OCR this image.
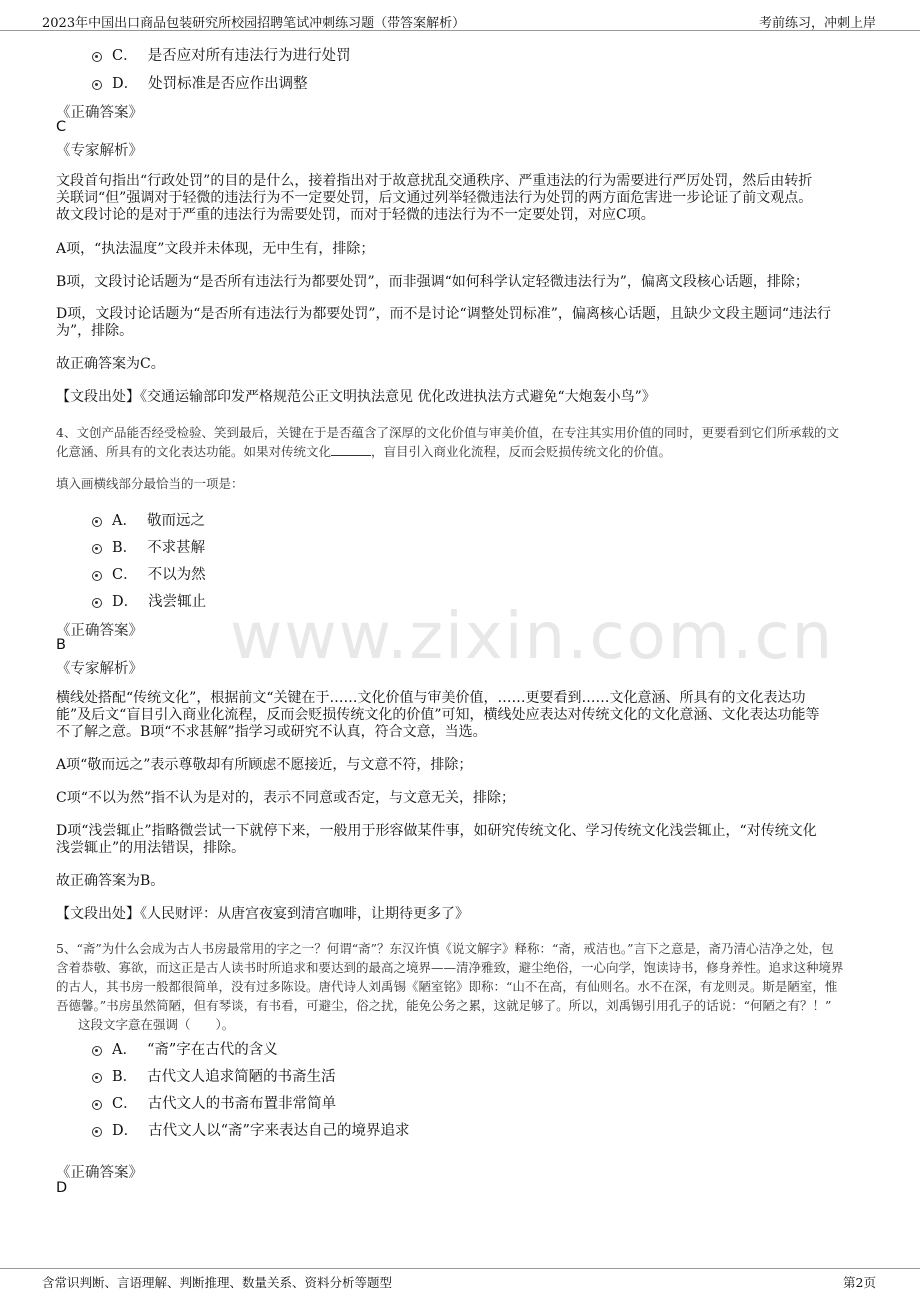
2023年中国出口商品包装研究所校园招聘笔试冲刺练习题（带答案解析）	考前练习，冲刺上岸
www.zixin.com.cn
C． 是否应对所有违法行为进行处罚
D． 处罚标准是否应作出调整
《正确答案》
C
《专家解析》
文段首句指出“行政处罚”的目的是什么，接着指出对于故意扰乱交通秩序、严重违法的行为需要进行严厉处罚，然后由转折
关联词“但”强调对于轻微的违法行为不一定要处罚，后文通过列举轻微违法行为处罚的两方面危害进一步论证了前文观点。
故文段讨论的是对于严重的违法行为需要处罚，而对于轻微的违法行为不一定要处罚，对应C项。
A项，“执法温度”文段并未体现，无中生有，排除；
B项，文段讨论话题为“是否所有违法行为都要处罚”，而非强调“如何科学认定轻微违法行为”，偏离文段核心话题，排除；
D项，文段讨论话题为“是否所有违法行为都要处罚”，而不是讨论“调整处罚标准”，偏离核心话题，且缺少文段主题词“违法行
为”，排除。
故正确答案为C。
【文段出处】《交通运输部印发严格规范公正文明执法意见 优化改进执法方式避免“大炮轰小鸟”》
4、文创产品能否经受检验、笑到最后，关键在于是否蕴含了深厚的文化价值与审美价值，在专注其实用价值的同时，更要看到它们所承载的文
化意涵、所具有的文化表达功能。如果对传统文化	，盲目引入商业化流程，反而会贬损传统文化的价值。
填入画横线部分最恰当的一项是：
A． 敬而远之
B． 不求甚解
C． 不以为然
D． 浅尝辄止
《正确答案》
B
《专家解析》
横线处搭配“传统文化”，根据前文“关键在于……文化价值与审美价值，……更要看到……文化意涵、所具有的文化表达功
能”及后文“盲目引入商业化流程，反而会贬损传统文化的价值”可知，横线处应表达对传统文化的文化意涵、文化表达功能等
不了解之意。B项“不求甚解”指学习或研究不认真，符合文意，当选。
A项“敬而远之”表示尊敬却有所顾虑不愿接近，与文意不符，排除；
C项“不以为然”指不认为是对的，表示不同意或否定，与文意无关，排除；
D项“浅尝辄止”指略微尝试一下就停下来，一般用于形容做某件事，如研究传统文化、学习传统文化浅尝辄止，“对传统文化
浅尝辄止”的用法错误，排除。
故正确答案为B。
【文段出处】《人民财评：从唐宫夜宴到清宫咖啡，让期待更多了》
5、“斋”为什么会成为古人书房最常用的字之一？何谓“斋”？东汉许慎《说文解字》释称：“斋，戒洁也。”言下之意是，斋乃清心洁净之处，包
含着恭敬、寡欲，而这正是古人读书时所追求和要达到的最高之境界——清净雅致，避尘绝俗，一心向学，饱读诗书，修身养性。追求这种境界
的古人，其书房一般都很简单，没有过多陈设。唐代诗人刘禹锡《陋室铭》即称：“山不在高，有仙则名。水不在深，有龙则灵。斯是陋室，惟
吾德馨。”书房虽然简陋，但有琴谈，有书看，可避尘，俗之扰，能免公务之累，这就足够了。所以，刘禹锡引用孔子的话说：“何陋之有？！”
这段文字意在强调（　　）。
A． “斋”字在古代的含义
B． 古代文人追求简陋的书斋生活
C． 古代文人的书斋布置非常简单
D． 古代文人以“斋”字来表达自己的境界追求
《正确答案》
D
含常识判断、言语理解、判断推理、数量关系、资料分析等题型	第2页
